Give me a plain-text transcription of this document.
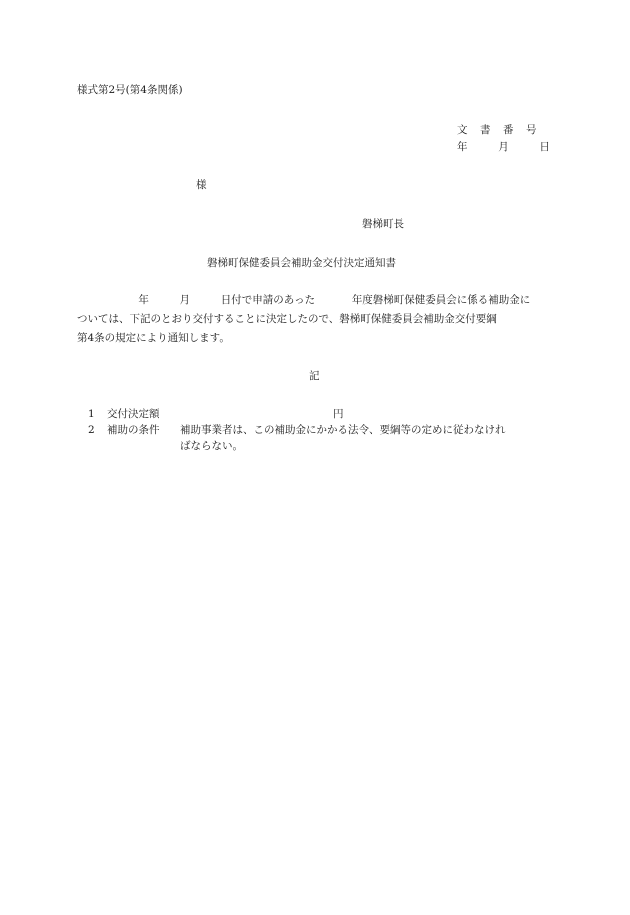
様式第2号(第4条関係)
文　書　番　号
年	月	日
様
磐梯町長
磐梯町保健委員会補助金交付決定通知書
年	月	日付で申請のあった	年度磐梯町保健委員会に係る補助金に
ついては、下記のとおり交付することに決定したので、磐梯町保健委員会補助金交付要綱
第4条の規定により通知します。
記
1 交付決定額	円
2 補助の条件 補助事業者は、この補助金にかかる法令、要綱等の定めに従わなけれ
ばならない。
